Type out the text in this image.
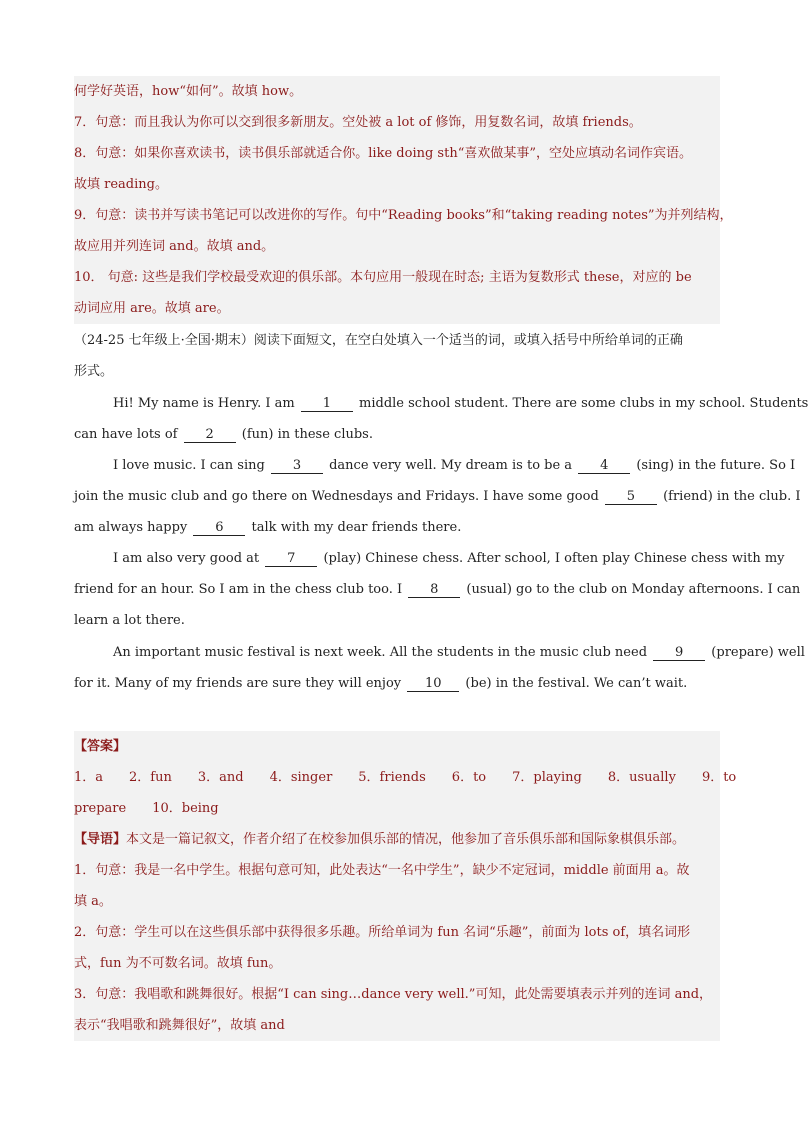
何学好英语，how“如何”。故填 how。
7．句意：而且我认为你可以交到很多新朋友。空处被 a lot of 修饰，用复数名词，故填 friends。
8．句意：如果你喜欢读书，读书俱乐部就适合你。like doing sth“喜欢做某事”，空处应填动名词作宾语。
故填 reading。
9．句意：读书并写读书笔记可以改进你的写作。句中“Reading books”和“taking reading notes”为并列结构，
故应用并列连词 and。故填 and。
10． 句意: 这些是我们学校最受欢迎的俱乐部。本句应用一般现在时态; 主语为复数形式 these，对应的 be
动词应用 are。故填 are。
（24-25 七年级上·全国·期末）阅读下面短文，在空白处填入一个适当的词，或填入括号中所给单词的正确
形式。
Hi! My name is Henry. I am 1 middle school student. There are some clubs in my school. Students
can have lots of 2 (fun) in these clubs.
I love music. I can sing 3 dance very well. My dream is to be a 4 (sing) in the future. So I
join the music club and go there on Wednesdays and Fridays. I have some good 5 (friend) in the club. I
am always happy 6 talk with my dear friends there.
I am also very good at 7 (play) Chinese chess. After school, I often play Chinese chess with my
friend for an hour. So I am in the chess club too. I 8 (usual) go to the club on Monday afternoons. I can
learn a lot there.
An important music festival is next week. All the students in the music club need 9 (prepare) well
for it. Many of my friends are sure they will enjoy 10 (be) in the festival. We can’t wait.
【答案】
1．a 2．fun 3．and 4．singer 5．friends 6．to 7．playing 8．usually 9．to
prepare 10．being
【导语】本文是一篇记叙文，作者介绍了在校参加俱乐部的情况，他参加了音乐俱乐部和国际象棋俱乐部。
1．句意：我是一名中学生。根据句意可知，此处表达“一名中学生”，缺少不定冠词，middle 前面用 a。故
填 a。
2．句意：学生可以在这些俱乐部中获得很多乐趣。所给单词为 fun 名词“乐趣”，前面为 lots of，填名词形
式，fun 为不可数名词。故填 fun。
3．句意：我唱歌和跳舞很好。根据“I can sing…dance very well.”可知，此处需要填表示并列的连词 and，
表示“我唱歌和跳舞很好”，故填 and
